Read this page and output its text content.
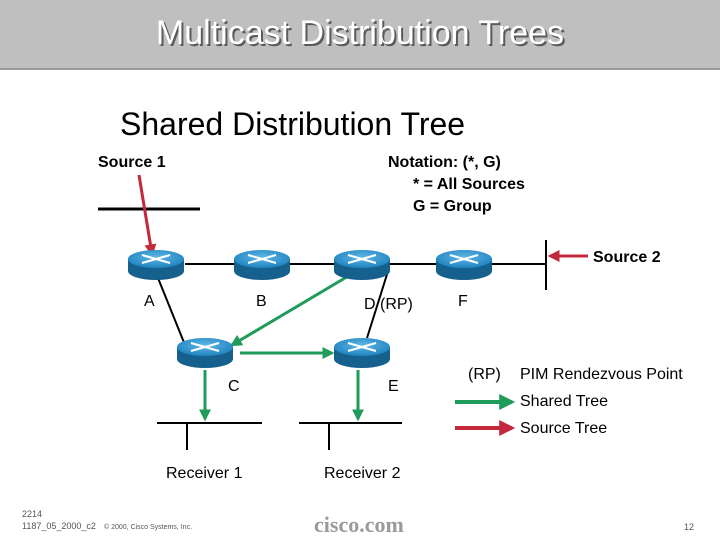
Multicast Distribution Trees
Shared Distribution Tree
Source 1	Notation: (*, G)
* = All Sources
G = Group
Source 2
A	B	D (RP)	F
C	E
(RP) PIM Rendezvous Point
Shared Tree
Source Tree
Receiver 1	Receiver 2
2214
1187_05_2000_c2 © 2000, Cisco Systems, Inc.	cisco.com	12
